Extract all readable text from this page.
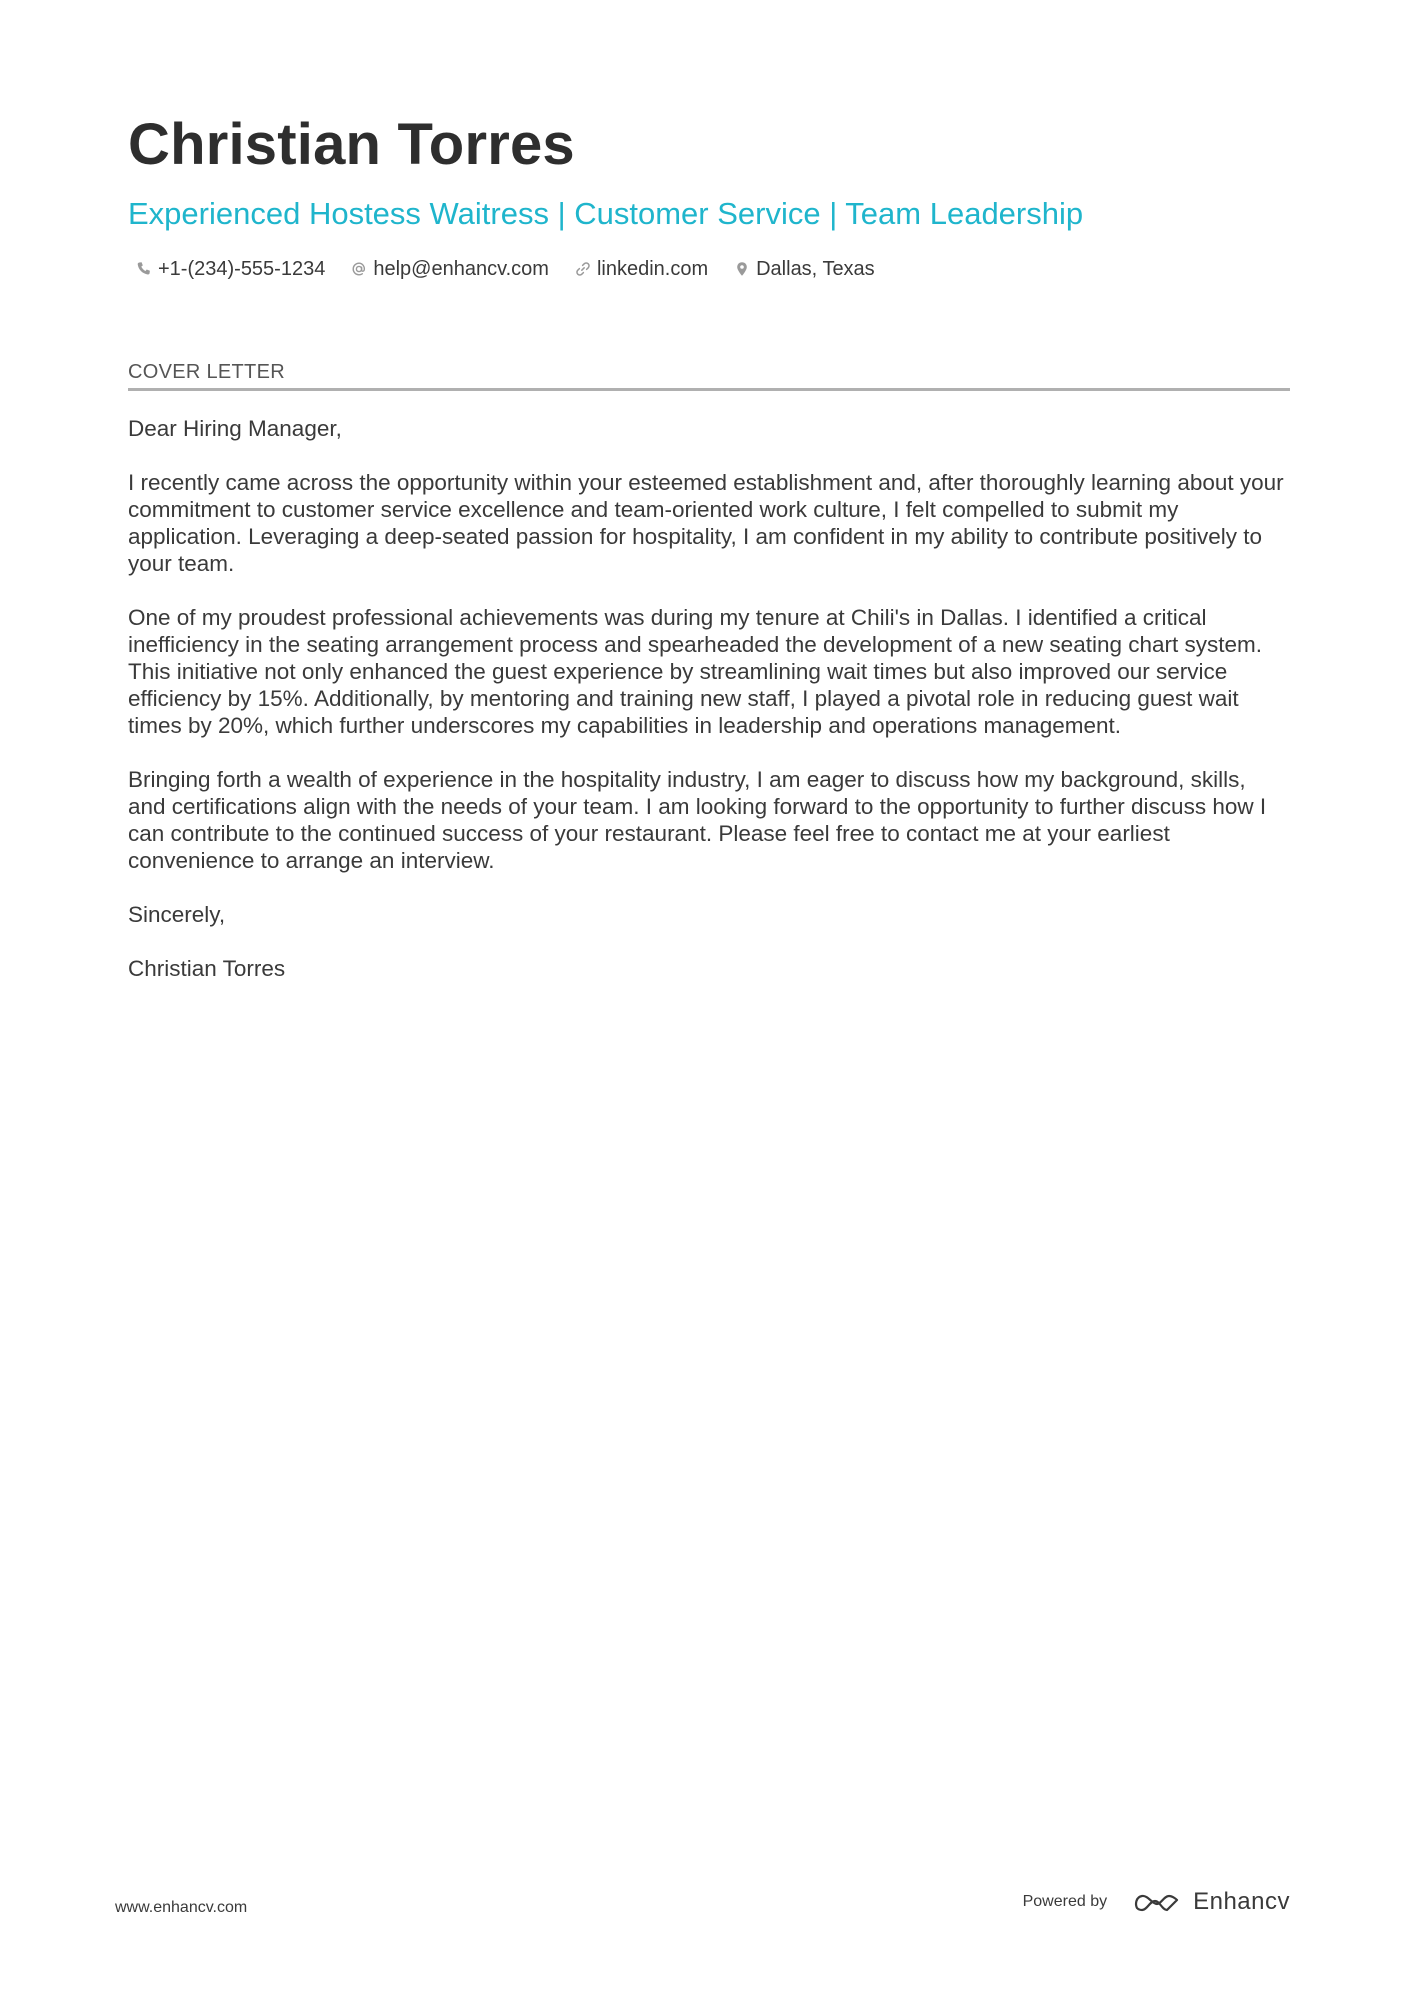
Christian Torres
Experienced Hostess Waitress | Customer Service | Team Leadership
+1-(234)-555-1234 help@enhancv.com linkedin.com Dallas, Texas
COVER LETTER

Dear Hiring Manager,

I recently came across the opportunity within your esteemed establishment and, after thoroughly learning about your commitment to customer service excellence and team-oriented work culture, I felt compelled to submit my application. Leveraging a deep-seated passion for hospitality, I am confident in my ability to contribute positively to your team.

One of my proudest professional achievements was during my tenure at Chili's in Dallas. I identified a critical inefficiency in the seating arrangement process and spearheaded the development of a new seating chart system. This initiative not only enhanced the guest experience by streamlining wait times but also improved our service efficiency by 15%. Additionally, by mentoring and training new staff, I played a pivotal role in reducing guest wait times by 20%, which further underscores my capabilities in leadership and operations management.

Bringing forth a wealth of experience in the hospitality industry, I am eager to discuss how my background, skills, and certifications align with the needs of your team. I am looking forward to the opportunity to further discuss how I can contribute to the continued success of your restaurant. Please feel free to contact me at your earliest convenience to arrange an interview.

Sincerely,

Christian Torres

www.enhancv.com	Powered by	Enhancv
